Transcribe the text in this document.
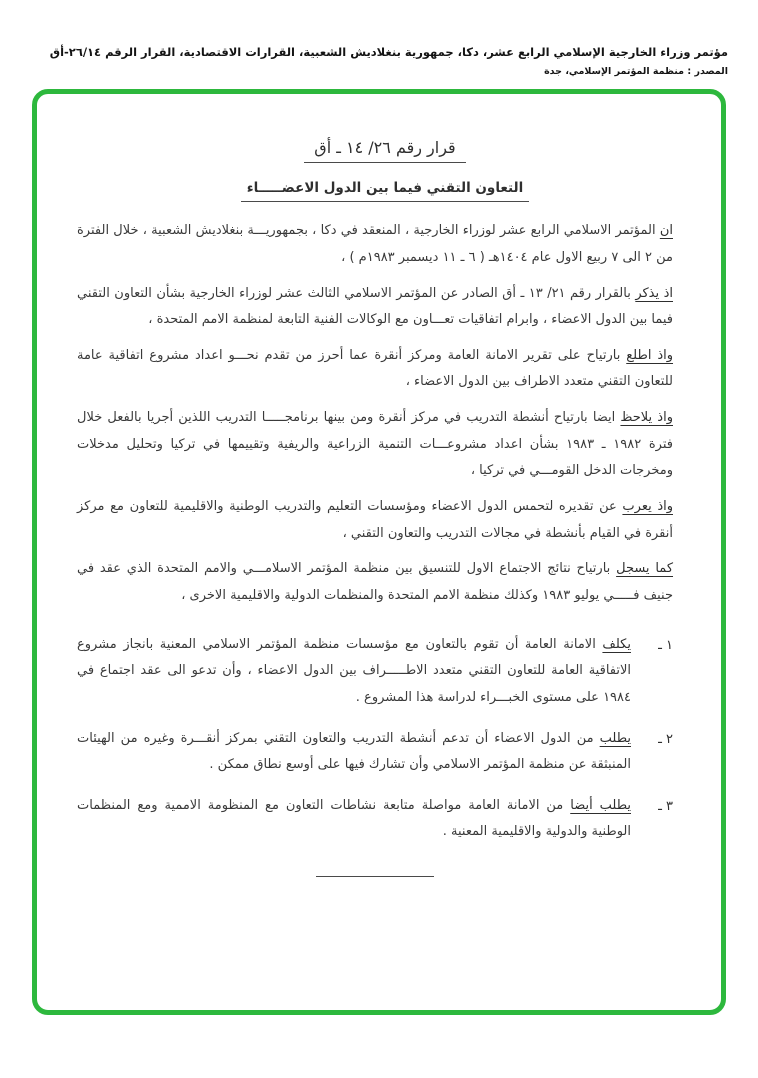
مؤتمر وزراء الخارجية الإسلامي الرابع عشر، دكا، جمهورية بنغلاديش الشعبية، القرارات الاقتصادية، القرار الرقم ٢٦/١٤-أق
المصدر : منظمة المؤتمر الإسلامي، جدة
قرار رقم ٢٦/ ١٤ ـ أق
التعاون التقني فيما بين الدول الاعضـــــاء

ان المؤتمر الاسلامي الرابع عشر لوزراء الخارجية ، المنعقد في دكا ، بجمهوريـــة بنغلاديش الشعبية ، خلال الفترة من ٢ الى ٧ ربيع الاول عام ١٤٠٤هـ ( ٦ ـ ١١ ديسمبر ١٩٨٣م ) ،

اذ يذكر بالقرار رقم ٢١/ ١٣ ـ أق الصادر عن المؤتمر الاسلامي الثالث عشر لوزراء الخارجية بشأن التعاون التقني فيما بين الدول الاعضاء ، وابرام اتفاقيات تعـــاون مع الوكالات الفنية التابعة لمنظمة الامم المتحدة ،

واذ اطلع بارتياح على تقرير الامانة العامة ومركز أنقرة عما أحرز من تقدم نحـــو اعداد مشروع اتفاقية عامة للتعاون التقني متعدد الاطراف بين الدول الاعضاء ،

واذ يلاحظ ايضا بارتياح أنشطة التدريب في مركز أنقرة ومن بينها برنامجـــــا التدريب اللذين أجريا بالفعل خلال فترة ١٩٨٢ ـ ١٩٨٣ بشأن اعداد مشروعـــات التنمية الزراعية والريفية وتقييمها في تركيا وتحليل مدخلات ومخرجات الدخل القومـــي في تركيا ،

واذ يعرب عن تقديره لتحمس الدول الاعضاء ومؤسسات التعليم والتدريب الوطنية والاقليمية للتعاون مع مركز أنقرة في القيام بأنشطة في مجالات التدريب والتعاون التقني ،

كما يسجل بارتياح نتائج الاجتماع الاول للتنسيق بين منظمة المؤتمر الاسلامـــي والامم المتحدة الذي عقد في جنيف فـــــي يوليو ١٩٨٣ وكذلك منظمة الامم المتحدة والمنظمات الدولية والاقليمية الاخرى ،

١ ـ

يكلف الامانة العامة أن تقوم بالتعاون مع مؤسسات منظمة المؤتمر الاسلامي المعنية بانجاز مشروع الاتفاقية العامة للتعاون التقني متعدد الاطـــــراف بين الدول الاعضاء ، وأن تدعو الى عقد اجتماع في ١٩٨٤ على مستوى الخبـــراء لدراسة هذا المشروع .

٢ ـ

يطلب من الدول الاعضاء أن تدعم أنشطة التدريب والتعاون التقني بمركز أنقـــرة وغيره من الهيئات المنبثقة عن منظمة المؤتمر الاسلامي وأن تشارك فيها على أوسع نطاق ممكن .

٣ ـ

يطلب أيضا من الامانة العامة مواصلة متابعة نشاطات التعاون مع المنظومة الاممية ومع المنظمات الوطنية والدولية والاقليمية المعنية .
